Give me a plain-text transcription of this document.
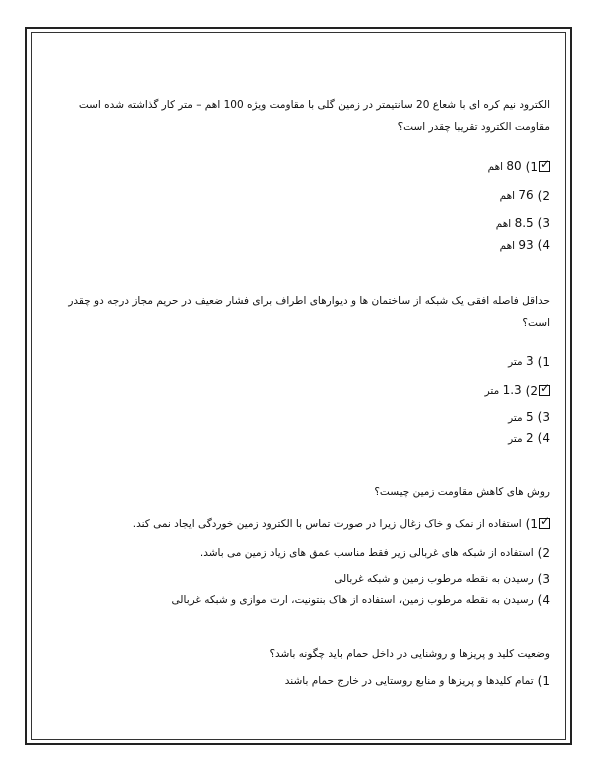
الکترود نیم کره ای با شعاع 20 سانتیمتر در زمین گلی با مقاومت ویژه 100 اهم – متر کار گذاشته شده است مقاومت الکترود تقریبا چقدر است؟

✓
1)
80 اهم
2)
76 اهم
3)
8.5 اهم
4)
93 اهم

حداقل فاصله افقی یک شبکه از ساختمان ها و دیوارهای اطراف برای فشار ضعیف در حریم مجاز درجه دو چقدر است؟

1)
3 متر
✓
2)
1.3 متر
3)
5 متر
4)
2 متر

روش های کاهش مقاومت زمین چیست؟

✓
1)
استفاده از نمک و خاک زغال زیرا در صورت تماس با الکترود زمین خوردگی ایجاد نمی کند.
2)
استفاده از شبکه های غربالی زیر فقط مناسب عمق های زیاد زمین می باشد.
3)
رسیدن به نقطه مرطوب زمین و شبکه غربالی
4)
رسیدن به نقطه مرطوب زمین، استفاده از هاک بنتونیت، ارت موازی و شبکه غربالی

وضعیت کلید و پریزها و روشنایی در داخل حمام باید چگونه باشد؟

1)
تمام کلیدها و پریزها و منابع روستایی در خارج حمام باشند
